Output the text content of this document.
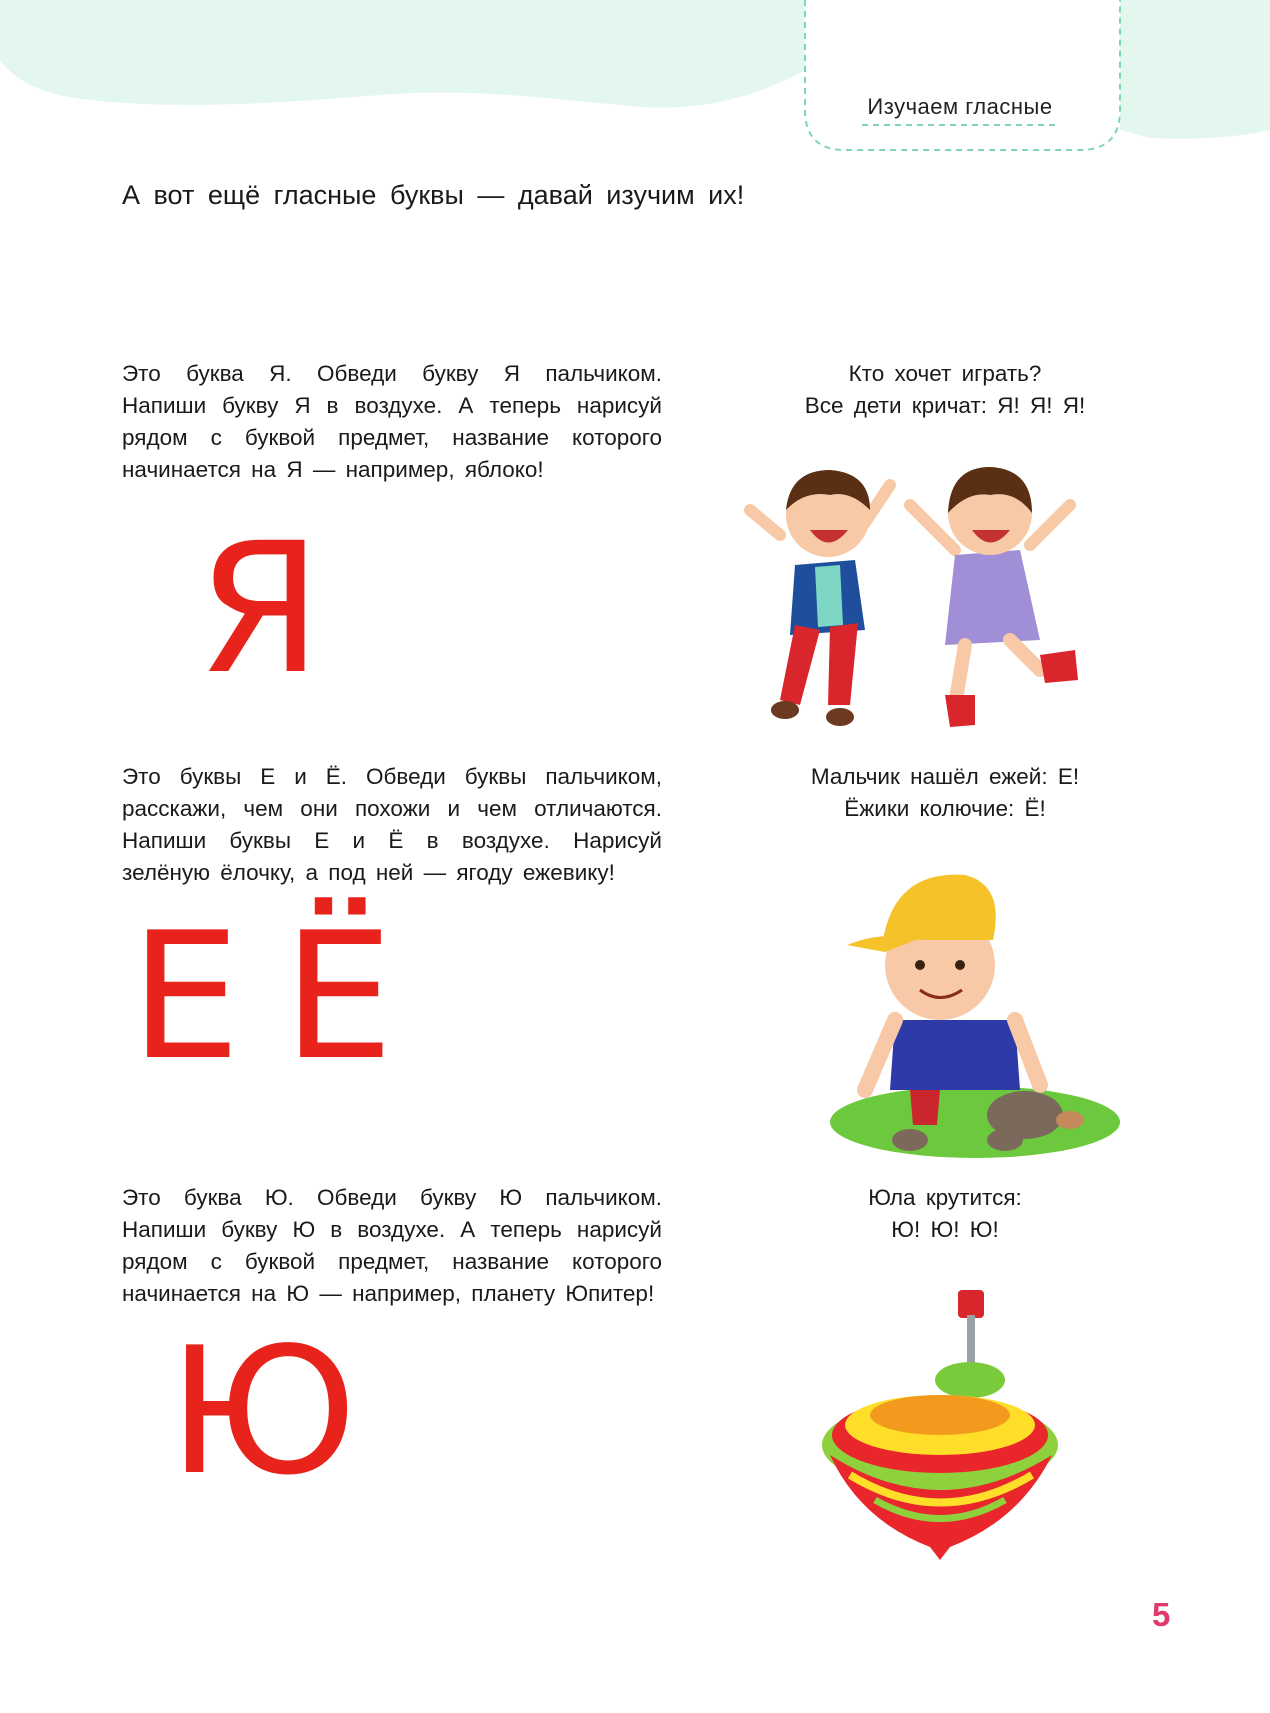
Изучаем гласные
А вот ещё гласные буквы — давай изучим их!
Это буква Я. Обведи букву Я пальчиком. Напиши букву Я в воздухе. А теперь нарисуй рядом с буквой предмет, название которого начинается на Я — например, яблоко!
Я
Кто хочет играть?
Все дети кричат: Я! Я! Я!
Это буквы Е и Ё. Обведи буквы пальчиком, расскажи, чем они похожи и чем отличаются. Напиши буквы Е и Ё в воздухе. Нарисуй зелёную ёлочку, а под ней — ягоду ежевику!
Е Ё
Мальчик нашёл ежей: Е!
Ёжики колючие: Ё!
Это буква Ю. Обведи букву Ю пальчиком. Напиши букву Ю в воздухе. А теперь нарисуй рядом с буквой предмет, название которого начинается на Ю — например, планету Юпитер!
Ю
Юла крутится:
Ю! Ю! Ю!
5
